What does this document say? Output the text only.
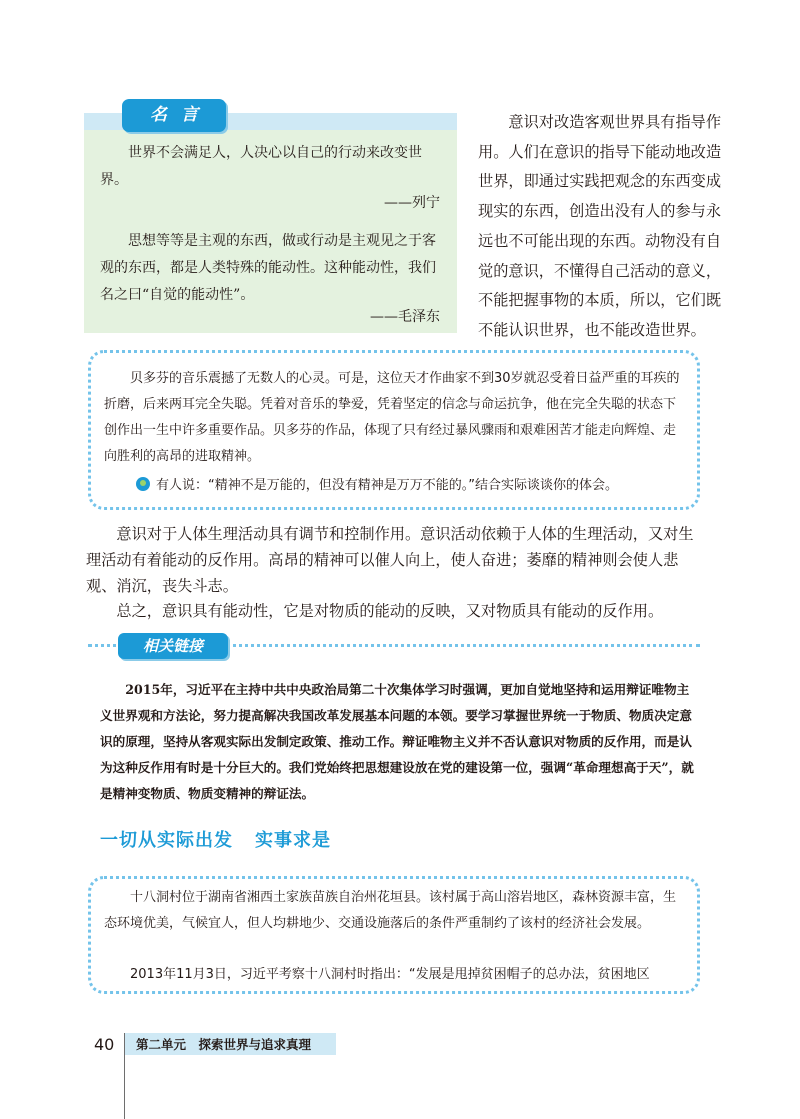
名言
世界不会满足人，人决心以自己的行动来改变世界。
——列宁
思想等等是主观的东西，做或行动是主观见之于客观的东西，都是人类特殊的能动性。这种能动性，我们名之曰“自觉的能动性”。
——毛泽东
意识对改造客观世界具有指导作用。人们在意识的指导下能动地改造世界，即通过实践把观念的东西变成现实的东西，创造出没有人的参与永远也不可能出现的东西。动物没有自觉的意识，不懂得自己活动的意义，不能把握事物的本质，所以，它们既不能认识世界，也不能改造世界。
贝多芬的音乐震撼了无数人的心灵。可是，这位天才作曲家不到30岁就忍受着日益严重的耳疾的折磨，后来两耳完全失聪。凭着对音乐的挚爱，凭着坚定的信念与命运抗争，他在完全失聪的状态下创作出一生中许多重要作品。贝多芬的作品，体现了只有经过暴风骤雨和艰难困苦才能走向辉煌、走向胜利的高昂的进取精神。
有人说：“精神不是万能的，但没有精神是万万不能的。”结合实际谈谈你的体会。
意识对于人体生理活动具有调节和控制作用。意识活动依赖于人体的生理活动，又对生理活动有着能动的反作用。高昂的精神可以催人向上，使人奋进；萎靡的精神则会使人悲观、消沉，丧失斗志。
总之，意识具有能动性，它是对物质的能动的反映，又对物质具有能动的反作用。
相关链接
2015年，习近平在主持中共中央政治局第二十次集体学习时强调，更加自觉地坚持和运用辩证唯物主义世界观和方法论，努力提高解决我国改革发展基本问题的本领。要学习掌握世界统一于物质、物质决定意识的原理，坚持从客观实际出发制定政策、推动工作。辩证唯物主义并不否认意识对物质的反作用，而是认为这种反作用有时是十分巨大的。我们党始终把思想建设放在党的建设第一位，强调“革命理想高于天”，就是精神变物质、物质变精神的辩证法。
一切从实际出发 实事求是
十八洞村位于湖南省湘西土家族苗族自治州花垣县。该村属于高山溶岩地区，森林资源丰富，生态环境优美，气候宜人，但人均耕地少、交通设施落后的条件严重制约了该村的经济社会发展。
2013年11月3日，习近平考察十八洞村时指出：“发展是甩掉贫困帽子的总办法，贫困地区
40 第二单元　探索世界与追求真理
